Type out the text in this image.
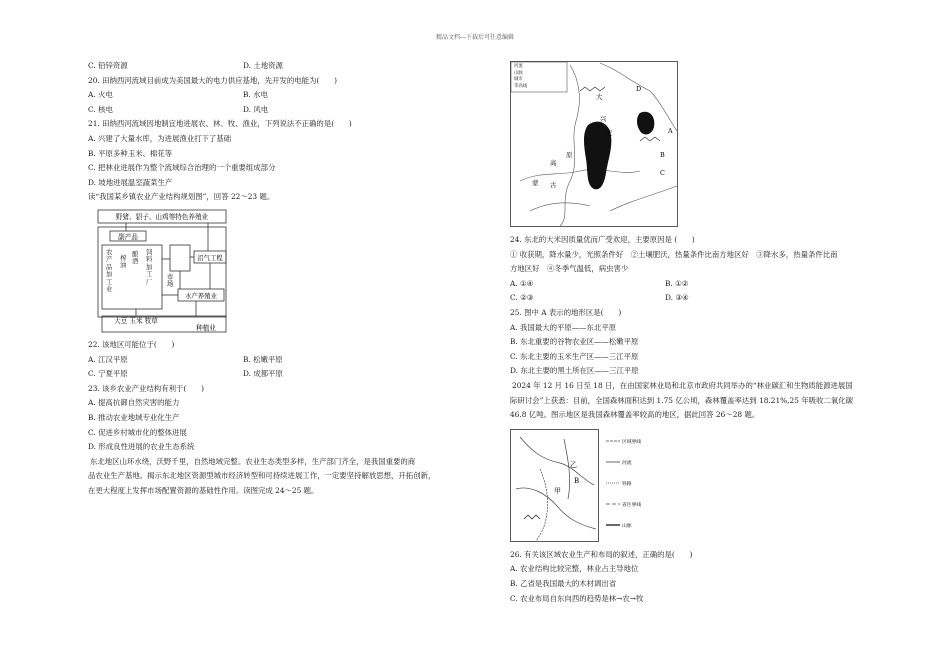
精品文档---下载后可任意编辑
C. 铅锌资源	D. 土地资源
20. 田纳西河流域目前成为美国最大的电力供应基地，先开发的电能为(　　)
A. 火电	B. 水电
C. 核电	D. 风电
21. 田纳西河流域因地制宜地进展农、林、牧、渔业，下列说法不正确的是(　　)
A. 兴建了大量水库，为进展渔业打下了基础
B. 平原多种玉米、棉花等
C. 把林业进展作为整个流域综合治理的一个重要组成部分
D. 坡地进展温室蔬菜生产
读“我国某乡镇农业产业结构规划图”，回答 22～23 题。
野猪、貂子、山鸡等特色养殖业
副产品
市场
沼气工程
水产养殖业
大豆 玉米 牧草
种植业
农产品加工业
榨油
酿酒
饲料加工厂
22. 该地区可能位于(　　)
A. 江汉平原	B. 松嫩平原
C. 宁夏平原	D. 成都平原
23. 该乡农业产业结构有利于(　　)
A. 提高抗御自然灾害的能力
B. 推动农业地域专业化生产
C. 促进乡村城市化的整体进展
D. 形成良性进展的农业生态系统
东北地区山环水绕，沃野千里，自然地域完整。农业生态类型多样，生产部门齐全，是我国重要的商
品农业生产基地。揭示东北地区资源型城市经济转型和可持续进展工作，一定要坚持解放思想，开拓创新，
在更大程度上发挥市场配置资源的基础性作用。读图完成 24～25 题。
A
B
C
D
大
兴
安
高
原
蒙 古
河流
山脉
城市
等高线
24. 东北的大米因质量优而广受欢迎，主要原因是 (　　)
① 收获期，降水量少，光照条件好　②土壤肥沃，热量条件比南方地区好　③降水多，热量条件比南
方地区好　④冬季气温低，病虫害少
A. ①④	B. ①②
C. ②③	D. ③④
25. 图中 A 表示的地形区是(　　)
A. 我国最大的平原——东北平原
B. 东北重要的谷物农业区——松嫩平原
C. 东北主要的玉米生产区——三江平原
D. 东北主要的黑土所在区——三江平原
2024 年 12 月 16 日至 18 日，在由国家林业局和北京市政府共同举办的“林业碳汇和生物质能源进展国
际研讨会”上获悉：目前，全国森林面积达到 1.75 亿公顷，森林覆盖率达到 18.21%,25 年吸收二氧化碳
46.8 亿吨。图示地区是我国森林覆盖率较高的地区，据此回答 26～28 题。
甲
乙
B
区域界线
河流
铁路
省区界线
山脉
26. 有关该区域农业生产和布局的叙述，正确的是(　　)
A. 农业结构比较完整，林业占主导地位
B. 乙省是我国最大的木材调出省
C. 农业布局自东向西的趋势是林→农→牧
